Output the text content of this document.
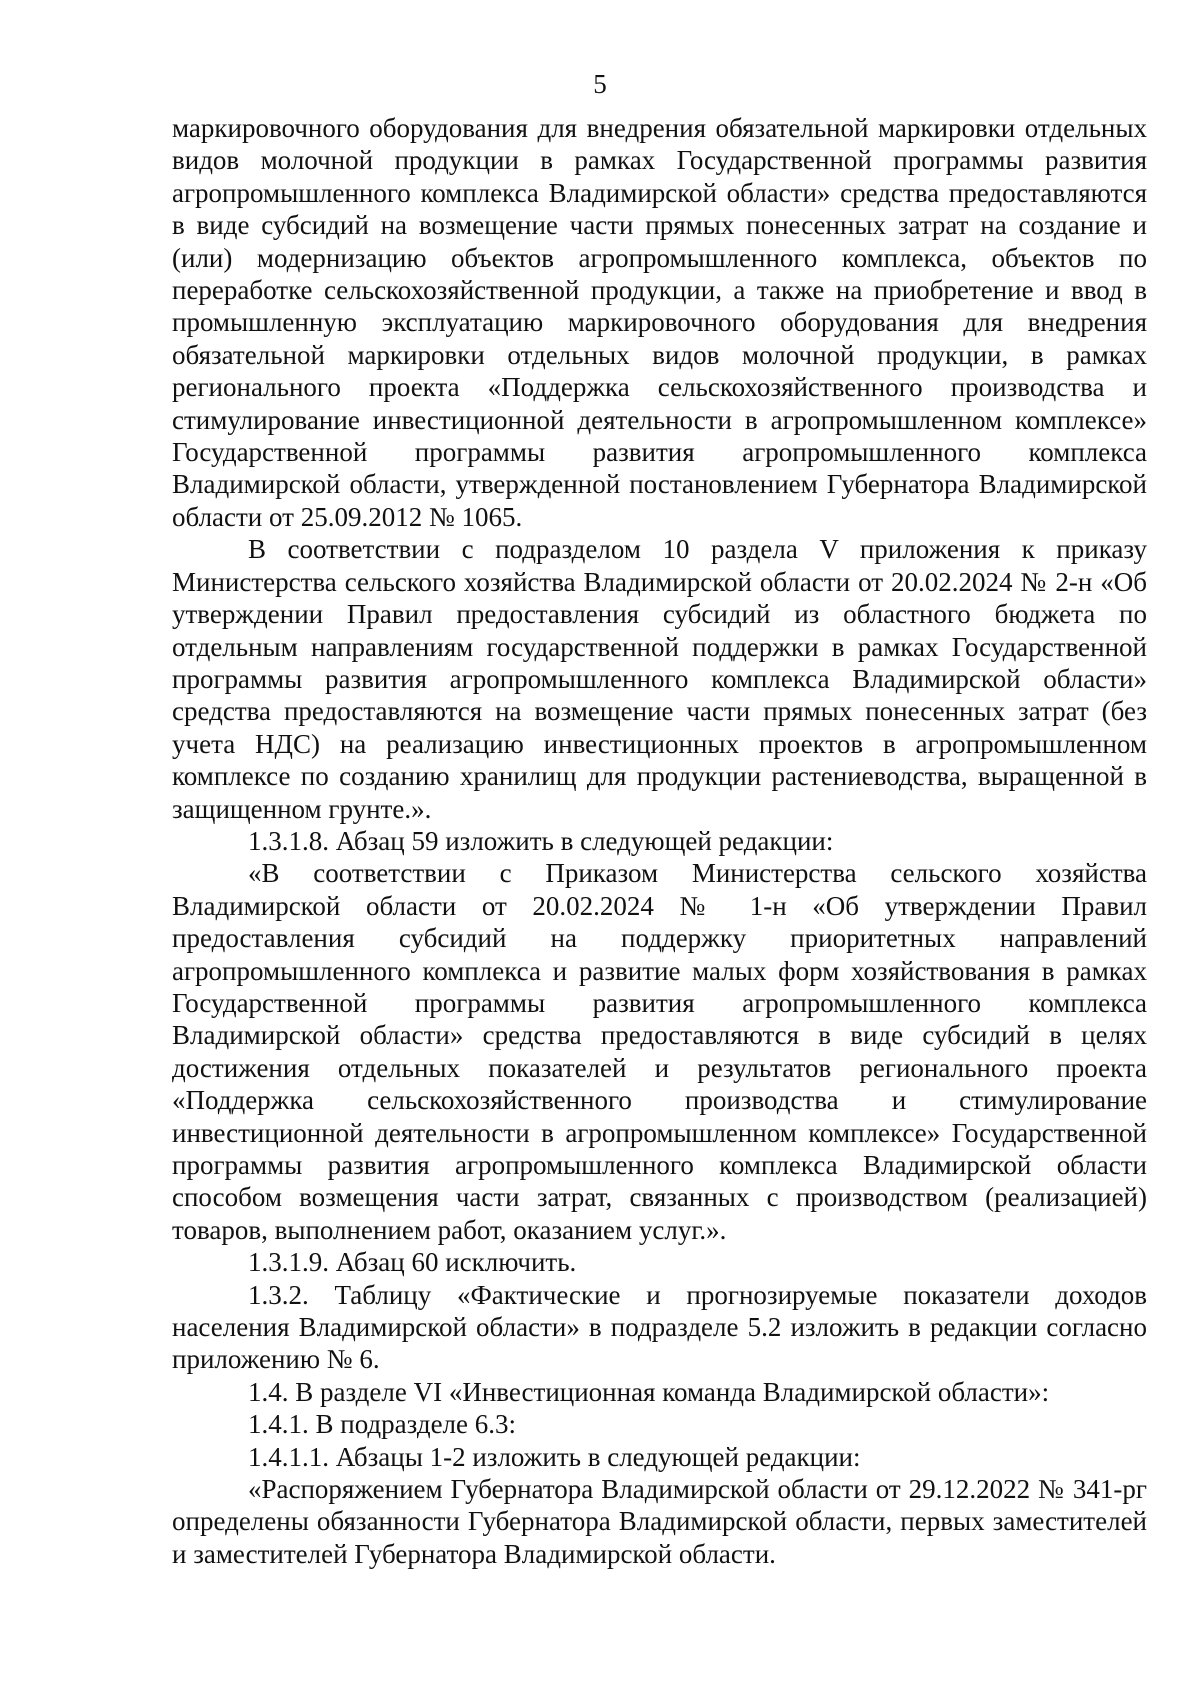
5

маркировочного оборудования для внедрения обязательной маркировки отдельных видов молочной продукции в рамках Государственной программы развития агропромышленного комплекса Владимирской области» средства предоставляются в виде субсидий на возмещение части прямых понесенных затрат на создание и (или) модернизацию объектов агропромышленного комплекса, объектов по переработке сельскохозяйственной продукции, а также на приобретение и ввод в промышленную эксплуатацию маркировочного оборудования для внедрения обязательной маркировки отдельных видов молочной продукции, в рамках регионального проекта «Поддержка сельскохозяйственного производства и стимулирование инвестиционной деятельности в агропромышленном комплексе» Государственной программы развития агропромышленного комплекса Владимирской области, утвержденной постановлением Губернатора Владимирской области от 25.09.2012 № 1065.

В соответствии с подразделом 10 раздела V приложения к приказу Министерства сельского хозяйства Владимирской области от 20.02.2024 № 2-н «Об утверждении Правил предоставления субсидий из областного бюджета по отдельным направлениям государственной поддержки в рамках Государственной программы развития агропромышленного комплекса Владимирской области» средства предоставляются на возмещение части прямых понесенных затрат (без учета НДС) на реализацию инвестиционных проектов в агропромышленном комплексе по созданию хранилищ для продукции растениеводства, выращенной в защищенном грунте.».

1.3.1.8. Абзац 59 изложить в следующей редакции:

«В соответствии с Приказом Министерства сельского хозяйства Владимирской области от 20.02.2024 № 1-н «Об утверждении Правил предоставления субсидий на поддержку приоритетных направлений агропромышленного комплекса и развитие малых форм хозяйствования в рамках Государственной программы развития агропромышленного комплекса Владимирской области» средства предоставляются в виде субсидий в целях достижения отдельных показателей и результатов регионального проекта «Поддержка сельскохозяйственного производства и стимулирование инвестиционной деятельности в агропромышленном комплексе» Государственной программы развития агропромышленного комплекса Владимирской области способом возмещения части затрат, связанных с производством (реализацией) товаров, выполнением работ, оказанием услуг.».

1.3.1.9. Абзац 60 исключить.

1.3.2. Таблицу «Фактические и прогнозируемые показатели доходов населения Владимирской области» в подразделе 5.2 изложить в редакции согласно приложению № 6.

1.4. В разделе VI «Инвестиционная команда Владимирской области»:

1.4.1. В подразделе 6.3:

1.4.1.1. Абзацы 1-2 изложить в следующей редакции:

«Распоряжением Губернатора Владимирской области от 29.12.2022 № 341-рг определены обязанности Губернатора Владимирской области, первых заместителей и заместителей Губернатора Владимирской области.
